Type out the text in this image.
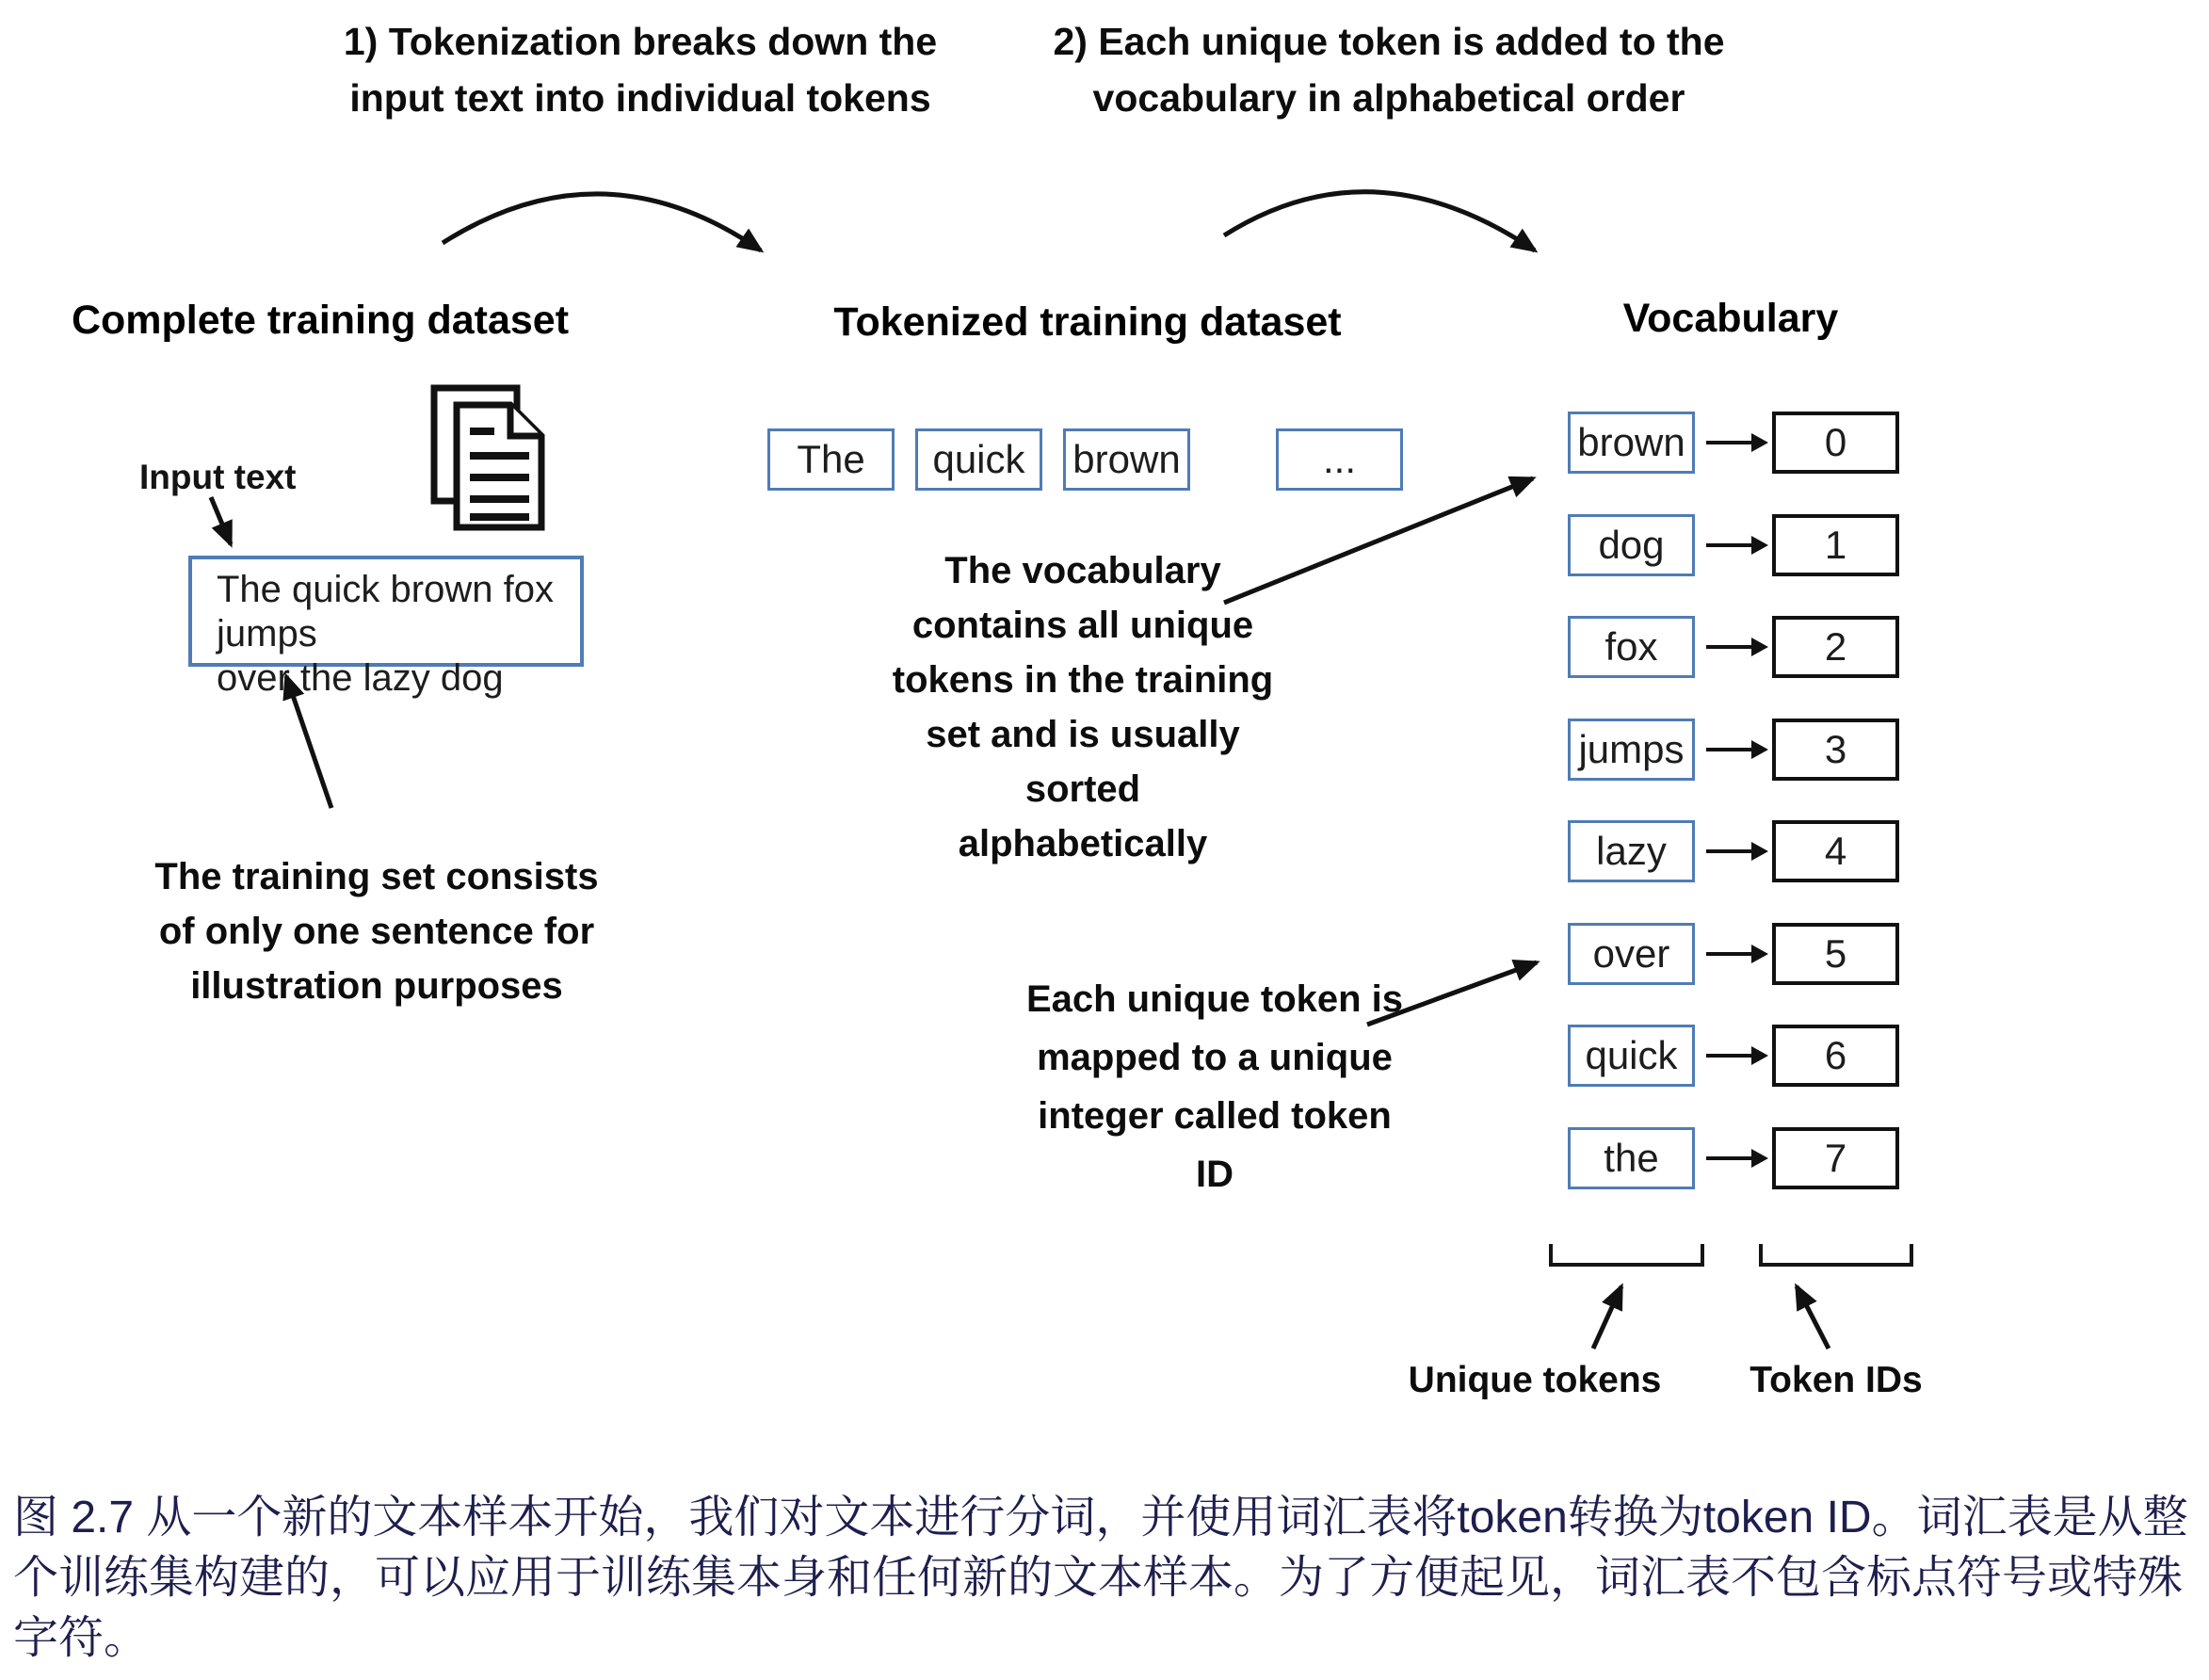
1) Tokenization breaks down the
input text into individual tokens
2) Each unique token is added to the
vocabulary in alphabetical order
Complete training dataset	Tokenized training dataset	Vocabulary
Input text
The quick brown fox jumps
over the lazy dog
The training set consists
of only one sentence for
illustration purposes
The	quick	brown	...
The vocabulary
contains all unique
tokens in the training
set and is usually
sorted
alphabetically
Each unique token is
mapped to a unique
integer called token
ID
brown	0
dog	1
fox	2
jumps	3
lazy	4
over	5
quick	6
the	7
Unique tokens Token IDs
图 2.7 从一个新的文本样本开始，我们对文本进行分词，并使用词汇表将token转换为token ID。词汇表是从整
个训练集构建的，可以应用于训练集本身和任何新的文本样本。为了方便起见，词汇表不包含标点符号或特殊
字符。
